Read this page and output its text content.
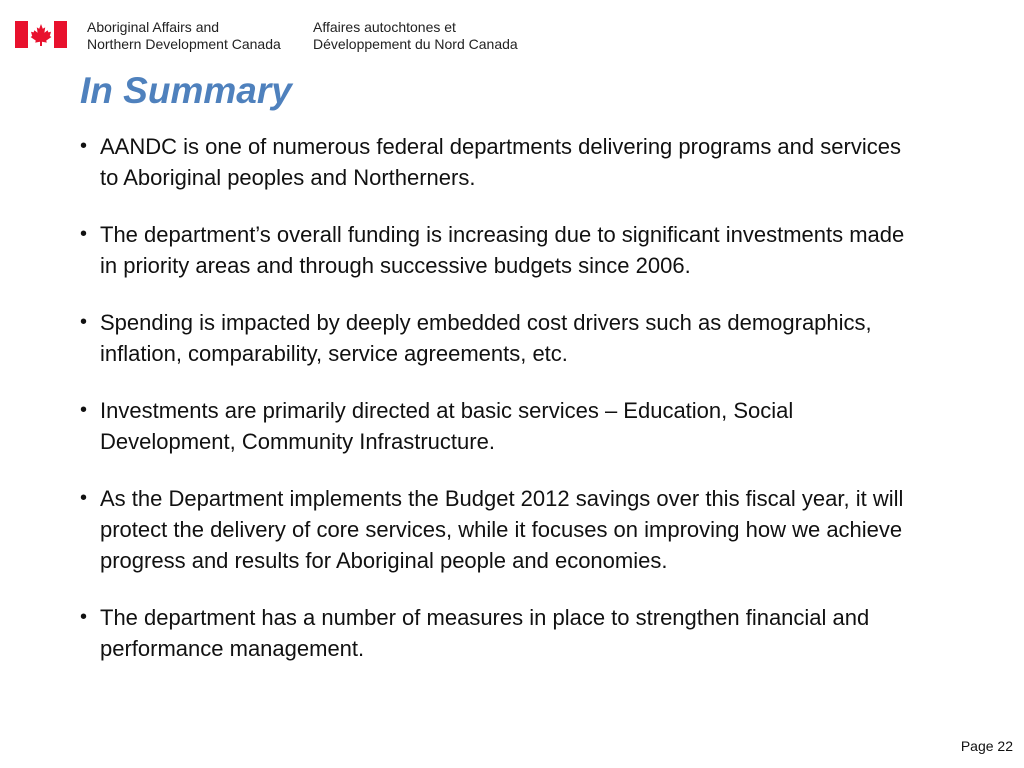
Aboriginal Affairs and
Northern Development Canada
Affaires autochtones et
Développement du Nord Canada
In Summary
• AANDC is one of numerous federal departments delivering programs and services to Aboriginal peoples and Northerners.
• The department’s overall funding is increasing due to significant investments made in priority areas and through successive budgets since 2006.
• Spending is impacted by deeply embedded cost drivers such as demographics, inflation, comparability, service agreements, etc.
• Investments are primarily directed at basic services – Education, Social Development, Community Infrastructure.
• As the Department implements the Budget 2012 savings over this fiscal year, it will protect the delivery of core services, while it focuses on improving how we achieve progress and results for Aboriginal people and economies.
• The department has a number of measures in place to strengthen financial and performance management.
Page 22
